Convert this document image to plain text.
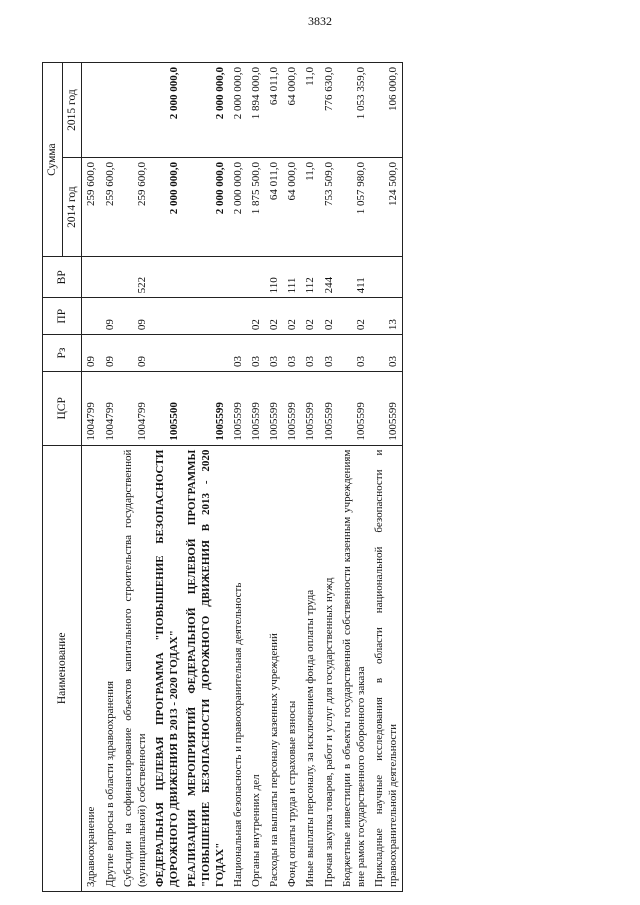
3832
Наименование	ЦСР	Рз	ПР	ВР	Сумма	
					2014 год	2015 год
Здравоохранение	1004799	09			259 600,0	
Другие вопросы в области здравоохранения	1004799	09	09		259 600,0	
Субсидии на софинансирование объектов капитального строительства государственной (муниципальной) собственности	1004799	09	09	522	259 600,0	
ФЕДЕРАЛЬНАЯ ЦЕЛЕВАЯ ПРОГРАММА "ПОВЫШЕНИЕ БЕЗОПАСНОСТИ ДОРОЖНОГО ДВИЖЕНИЯ В 2013 - 2020 ГОДАХ"	1005500				2 000 000,0	2 000 000,0
РЕАЛИЗАЦИЯ МЕРОПРИЯТИЙ ФЕДЕРАЛЬНОЙ ЦЕЛЕВОЙ ПРОГРАММЫ "ПОВЫШЕНИЕ БЕЗОПАСНОСТИ ДОРОЖНОГО ДВИЖЕНИЯ В 2013 - 2020 ГОДАХ"	1005599				2 000 000,0	2 000 000,0
Национальная безопасность и правоохранительная деятельность	1005599	03			2 000 000,0	2 000 000,0
Органы внутренних дел	1005599	03	02		1 875 500,0	1 894 000,0
Расходы на выплаты персоналу казенных учреждений	1005599	03	02	110	64 011,0	64 011,0
Фонд оплаты труда и страховые взносы	1005599	03	02	111	64 000,0	64 000,0
Иные выплаты персоналу, за исключением фонда оплаты труда	1005599	03	02	112	11,0	11,0
Прочая закупка товаров, работ и услуг для государственных нужд	1005599	03	02	244	753 509,0	776 630,0
Бюджетные инвестиции в объекты государственной собственности казенным учреждениям вне рамок государственного оборонного заказа	1005599	03	02	411	1 057 980,0	1 053 359,0
Прикладные научные исследования в области национальной безопасности и правоохранительной деятельности	1005599	03	13		124 500,0	106 000,0
